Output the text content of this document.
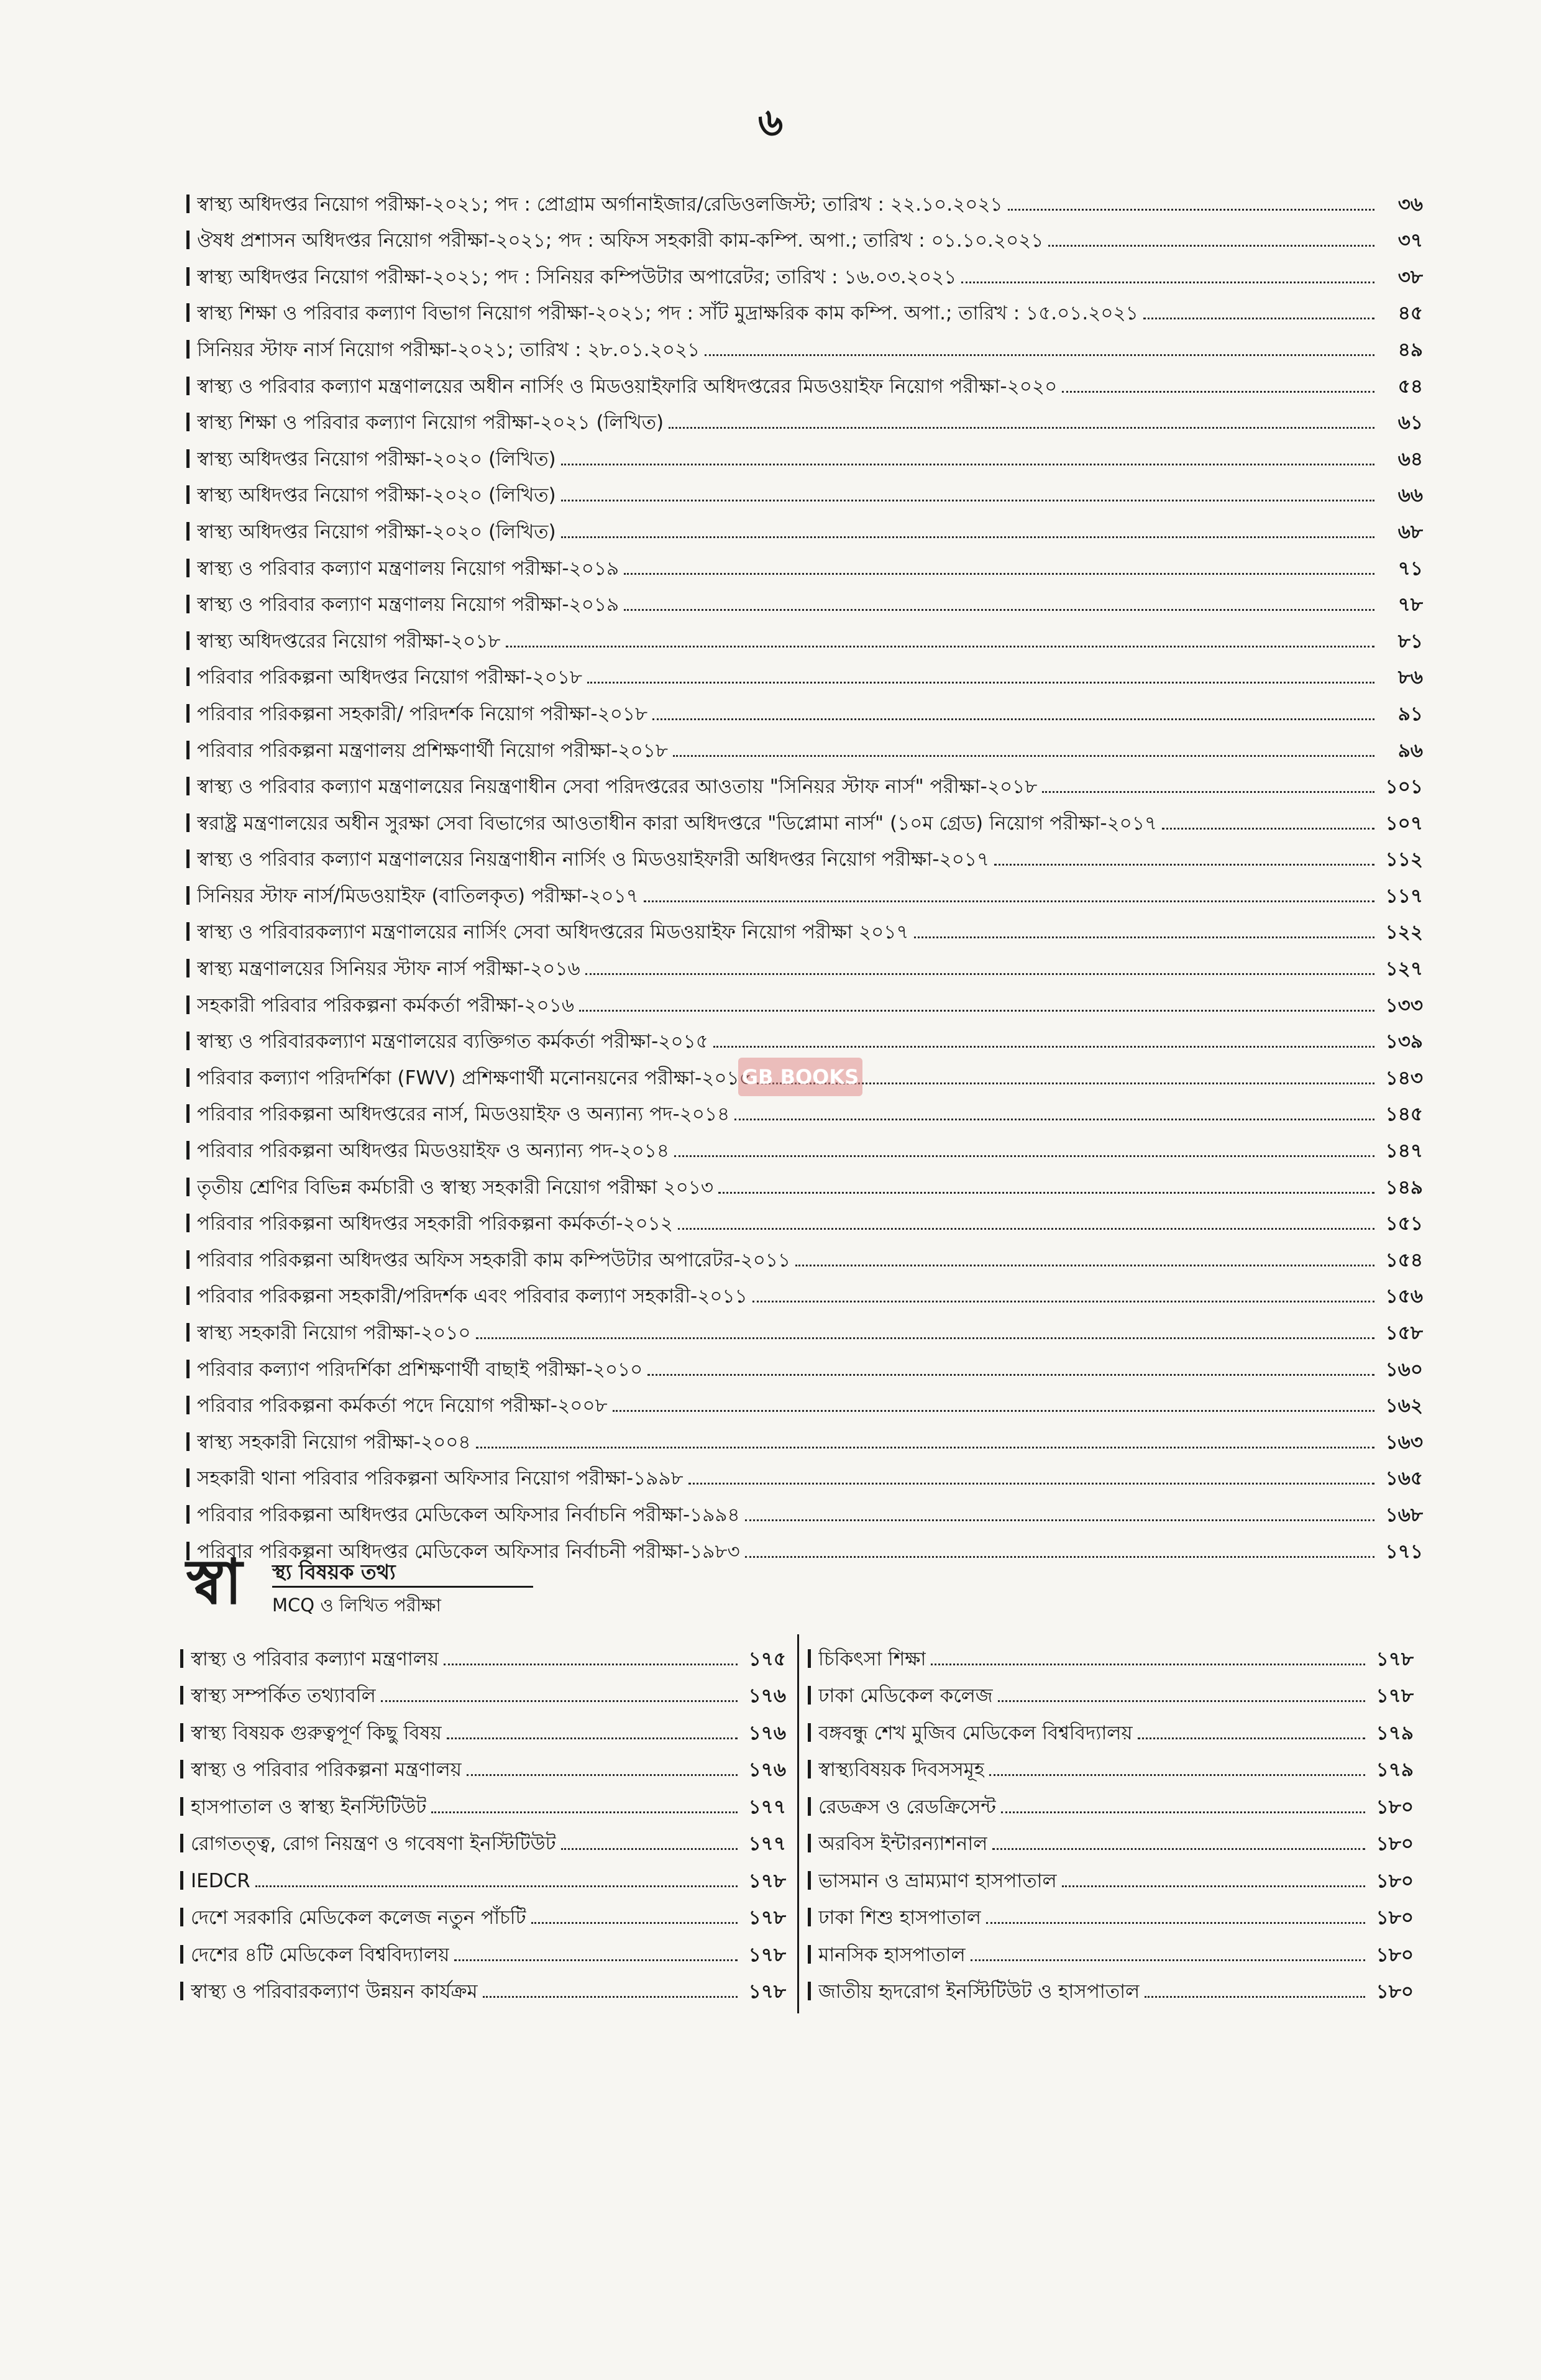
৬
স্বাস্থ্য অধিদপ্তর নিয়োগ পরীক্ষা-২০২১; পদ : প্রোগ্রাম অর্গানাইজার/রেডিওলজিস্ট; তারিখ : ২২.১০.২০২১	৩৬
ঔষধ প্রশাসন অধিদপ্তর নিয়োগ পরীক্ষা-২০২১; পদ : অফিস সহকারী কাম-কম্পি. অপা.; তারিখ : ০১.১০.২০২১	৩৭
স্বাস্থ্য অধিদপ্তর নিয়োগ পরীক্ষা-২০২১; পদ : সিনিয়র কম্পিউটার অপারেটর; তারিখ : ১৬.০৩.২০২১	৩৮
স্বাস্থ্য শিক্ষা ও পরিবার কল্যাণ বিভাগ নিয়োগ পরীক্ষা-২০২১; পদ : সাঁট মুদ্রাক্ষরিক কাম কম্পি. অপা.; তারিখ : ১৫.০১.২০২১	৪৫
সিনিয়র স্টাফ নার্স নিয়োগ পরীক্ষা-২০২১; তারিখ : ২৮.০১.২০২১	৪৯
স্বাস্থ্য ও পরিবার কল্যাণ মন্ত্রণালয়ের অধীন নার্সিং ও মিডওয়াইফারি অধিদপ্তরের মিডওয়াইফ নিয়োগ পরীক্ষা-২০২০	৫৪
স্বাস্থ্য শিক্ষা ও পরিবার কল্যাণ নিয়োগ পরীক্ষা-২০২১ (লিখিত)	৬১
স্বাস্থ্য অধিদপ্তর নিয়োগ পরীক্ষা-২০২০ (লিখিত)	৬৪
স্বাস্থ্য অধিদপ্তর নিয়োগ পরীক্ষা-২০২০ (লিখিত)	৬৬
স্বাস্থ্য অধিদপ্তর নিয়োগ পরীক্ষা-২০২০ (লিখিত)	৬৮
স্বাস্থ্য ও পরিবার কল্যাণ মন্ত্রণালয় নিয়োগ পরীক্ষা-২০১৯	৭১
স্বাস্থ্য ও পরিবার কল্যাণ মন্ত্রণালয় নিয়োগ পরীক্ষা-২০১৯	৭৮
স্বাস্থ্য অধিদপ্তরের নিয়োগ পরীক্ষা-২০১৮	৮১
পরিবার পরিকল্পনা অধিদপ্তর নিয়োগ পরীক্ষা-২০১৮	৮৬
পরিবার পরিকল্পনা সহকারী/ পরিদর্শক নিয়োগ পরীক্ষা-২০১৮	৯১
পরিবার পরিকল্পনা মন্ত্রণালয় প্রশিক্ষণার্থী নিয়োগ পরীক্ষা-২০১৮	৯৬
স্বাস্থ্য ও পরিবার কল্যাণ মন্ত্রণালয়ের নিয়ন্ত্রণাধীন সেবা পরিদপ্তরের আওতায় "সিনিয়র স্টাফ নার্স" পরীক্ষা-২০১৮	১০১
স্বরাষ্ট্র মন্ত্রণালয়ের অধীন সুরক্ষা সেবা বিভাগের আওতাধীন কারা অধিদপ্তরে "ডিপ্লোমা নার্স" (১০ম গ্রেড) নিয়োগ পরীক্ষা-২০১৭	১০৭
স্বাস্থ্য ও পরিবার কল্যাণ মন্ত্রণালয়ের নিয়ন্ত্রণাধীন নার্সিং ও মিডওয়াইফারী অধিদপ্তর নিয়োগ পরীক্ষা-২০১৭	১১২
সিনিয়র স্টাফ নার্স/মিডওয়াইফ (বাতিলকৃত) পরীক্ষা-২০১৭	১১৭
স্বাস্থ্য ও পরিবারকল্যাণ মন্ত্রণালয়ের নার্সিং সেবা অধিদপ্তরের মিডওয়াইফ নিয়োগ পরীক্ষা ২০১৭	১২২
স্বাস্থ্য মন্ত্রণালয়ের সিনিয়র স্টাফ নার্স পরীক্ষা-২০১৬	১২৭
সহকারী পরিবার পরিকল্পনা কর্মকর্তা পরীক্ষা-২০১৬	১৩৩
স্বাস্থ্য ও পরিবারকল্যাণ মন্ত্রণালয়ের ব্যক্তিগত কর্মকর্তা পরীক্ষা-২০১৫	১৩৯
পরিবার কল্যাণ পরিদর্শিকা (FWV) প্রশিক্ষণার্থী মনোনয়নের পরীক্ষা-২০১৫	১৪৩
পরিবার পরিকল্পনা অধিদপ্তরের নার্স, মিডওয়াইফ ও অন্যান্য পদ-২০১৪	১৪৫
পরিবার পরিকল্পনা অধিদপ্তর মিডওয়াইফ ও অন্যান্য পদ-২০১৪	১৪৭
তৃতীয় শ্রেণির বিভিন্ন কর্মচারী ও স্বাস্থ্য সহকারী নিয়োগ পরীক্ষা ২০১৩	১৪৯
পরিবার পরিকল্পনা অধিদপ্তর সহকারী পরিকল্পনা কর্মকর্তা-২০১২	১৫১
পরিবার পরিকল্পনা অধিদপ্তর অফিস সহকারী কাম কম্পিউটার অপারেটর-২০১১	১৫৪
পরিবার পরিকল্পনা সহকারী/পরিদর্শক এবং পরিবার কল্যাণ সহকারী-২০১১	১৫৬
স্বাস্থ্য সহকারী নিয়োগ পরীক্ষা-২০১০	১৫৮
পরিবার কল্যাণ পরিদর্শিকা প্রশিক্ষণার্থী বাছাই পরীক্ষা-২০১০	১৬০
পরিবার পরিকল্পনা কর্মকর্তা পদে নিয়োগ পরীক্ষা-২০০৮	১৬২
স্বাস্থ্য সহকারী নিয়োগ পরীক্ষা-২০০৪	১৬৩
সহকারী থানা পরিবার পরিকল্পনা অফিসার নিয়োগ পরীক্ষা-১৯৯৮	১৬৫
পরিবার পরিকল্পনা অধিদপ্তর মেডিকেল অফিসার নির্বাচনি পরীক্ষা-১৯৯৪	১৬৮
পরিবার পরিকল্পনা অধিদপ্তর মেডিকেল অফিসার নির্বাচনী পরীক্ষা-১৯৮৩	১৭১
GB BOOKS
স্বা স্থ্য বিষয়ক তথ্য
MCQ ও লিখিত পরীক্ষা
স্বাস্থ্য ও পরিবার কল্যাণ মন্ত্রণালয়	১৭৫
স্বাস্থ্য সম্পর্কিত তথ্যাবলি	১৭৬
স্বাস্থ্য বিষয়ক গুরুত্বপূর্ণ কিছু বিষয়	১৭৬
স্বাস্থ্য ও পরিবার পরিকল্পনা মন্ত্রণালয়	১৭৬
হাসপাতাল ও স্বাস্থ্য ইনস্টিটিউট	১৭৭
রোগতত্ত্ব, রোগ নিয়ন্ত্রণ ও গবেষণা ইনস্টিটিউট	১৭৭
IEDCR	১৭৮
দেশে সরকারি মেডিকেল কলেজ নতুন পাঁচটি	১৭৮
দেশের ৪টি মেডিকেল বিশ্ববিদ্যালয়	১৭৮
স্বাস্থ্য ও পরিবারকল্যাণ উন্নয়ন কার্যক্রম	১৭৮
চিকিৎসা শিক্ষা	১৭৮
ঢাকা মেডিকেল কলেজ	১৭৮
বঙ্গবন্ধু শেখ মুজিব মেডিকেল বিশ্ববিদ্যালয়	১৭৯
স্বাস্থ্যবিষয়ক দিবসসমূহ	১৭৯
রেডক্রস ও রেডক্রিসেন্ট	১৮০
অরবিস ইন্টারন্যাশনাল	১৮০
ভাসমান ও ভ্রাম্যমাণ হাসপাতাল	১৮০
ঢাকা শিশু হাসপাতাল	১৮০
মানসিক হাসপাতাল	১৮০
জাতীয় হৃদরোগ ইনস্টিটিউট ও হাসপাতাল	১৮০
